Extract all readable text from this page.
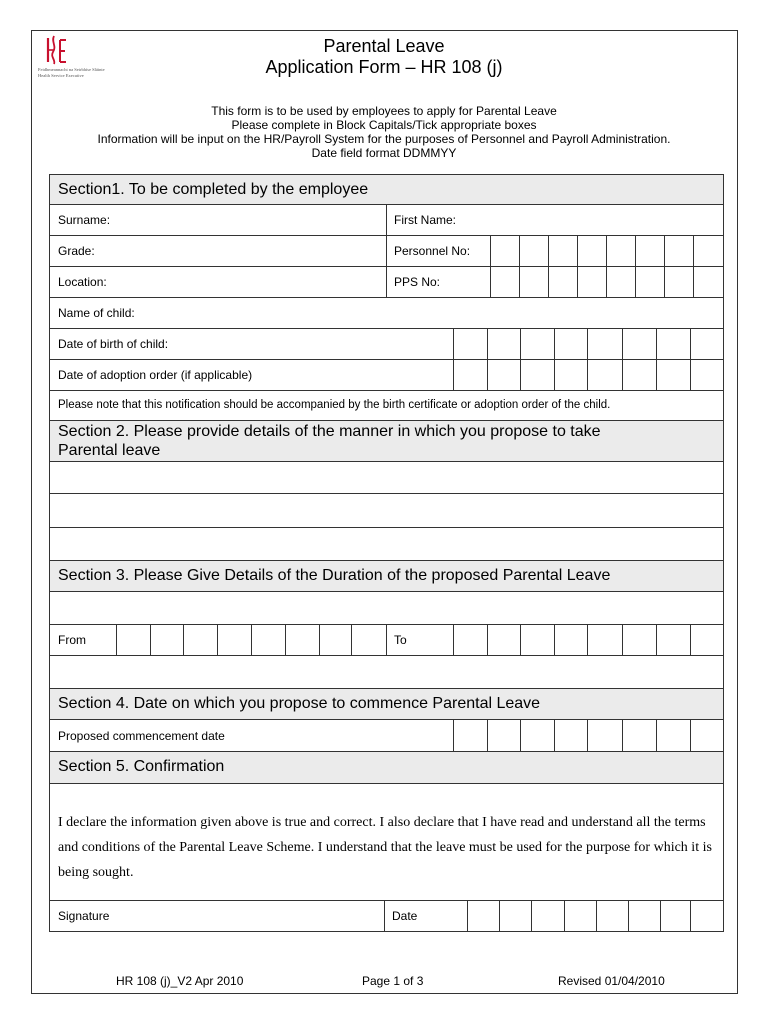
Feidhmeannacht na Seirbhíse Sláinte
Health Service Executive
Parental Leave
Application Form – HR 108 (j)
This form is to be used by employees to apply for Parental Leave
Please complete in Block Capitals/Tick appropriate boxes
Information will be input on the HR/Payroll System for the purposes of Personnel and Payroll Administration.
Date field format DDMMYY
Section1. To be completed by the employee
Surname:	First Name:
Grade:	Personnel No:
Location:	PPS No:
Name of child:
Date of birth of child:
Date of adoption order (if applicable)
Please note that this notification should be accompanied by the birth certificate or adoption order of the child.
Section 2. Please provide details of the manner in which you propose to take
Parental leave
Section 3. Please Give Details of the Duration of the proposed Parental Leave
From	To
Section 4. Date on which you propose to commence Parental Leave
Proposed commencement date
Section 5. Confirmation
I declare the information given above is true and correct. I also declare that I have read and understand all the terms and conditions of the Parental Leave Scheme. I understand that the leave must be used for the purpose for which it is being sought.
Signature	Date
HR 108 (j)_V2 Apr 2010	Page 1 of 3	Revised 01/04/2010
